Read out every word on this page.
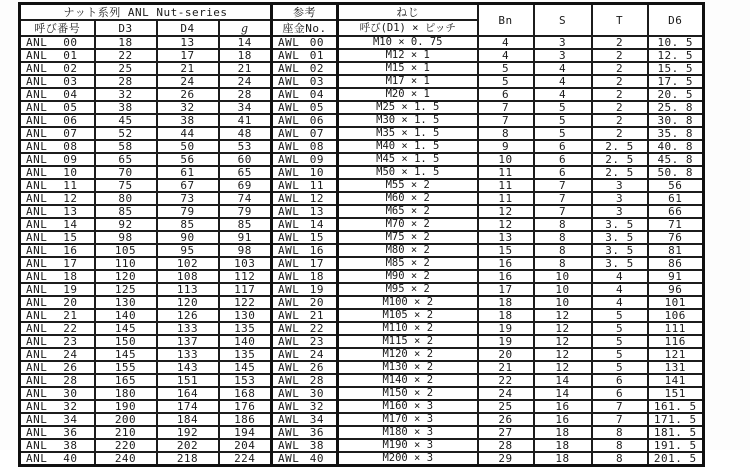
ナット系列 ANL Nut-series				参考	ねじ	Bn	S	T	D6
呼び番号	D3	D4	g	座金No.	呼び(D1) × ピッチ				

ANL 00	18	13	14	AWL 00	M10 × 0. 75	4	3	2	10. 5

ANL 01	22	17	18	AWL 01	M12 × 1	4	3	2	12. 5

ANL 02	25	21	21	AWL 02	M15 × 1	5	4	2	15. 5

ANL 03	28	24	24	AWL 03	M17 × 1	5	4	2	17. 5

ANL 04	32	26	28	AWL 04	M20 × 1	6	4	2	20. 5

ANL 05	38	32	34	AWL 05	M25 × 1. 5	7	5	2	25. 8

ANL 06	45	38	41	AWL 06	M30 × 1. 5	7	5	2	30. 8

ANL 07	52	44	48	AWL 07	M35 × 1. 5	8	5	2	35. 8

ANL 08	58	50	53	AWL 08	M40 × 1. 5	9	6	2. 5	40. 8

ANL 09	65	56	60	AWL 09	M45 × 1. 5	10	6	2. 5	45. 8

ANL 10	70	61	65	AWL 10	M50 × 1. 5	11	6	2. 5	50. 8

ANL 11	75	67	69	AWL 11	M55 × 2	11	7	3	56

ANL 12	80	73	74	AWL 12	M60 × 2	11	7	3	61

ANL 13	85	79	79	AWL 13	M65 × 2	12	7	3	66

ANL 14	92	85	85	AWL 14	M70 × 2	12	8	3. 5	71

ANL 15	98	90	91	AWL 15	M75 × 2	13	8	3. 5	76

ANL 16	105	95	98	AWL 16	M80 × 2	15	8	3. 5	81

ANL 17	110	102	103	AWL 17	M85 × 2	16	8	3. 5	86

ANL 18	120	108	112	AWL 18	M90 × 2	16	10	4	91

ANL 19	125	113	117	AWL 19	M95 × 2	17	10	4	96

ANL 20	130	120	122	AWL 20	M100 × 2	18	10	4	101

ANL 21	140	126	130	AWL 21	M105 × 2	18	12	5	106

ANL 22	145	133	135	AWL 22	M110 × 2	19	12	5	111

ANL 23	150	137	140	AWL 23	M115 × 2	19	12	5	116

ANL 24	145	133	135	AWL 24	M120 × 2	20	12	5	121

ANL 26	155	143	145	AWL 26	M130 × 2	21	12	5	131

ANL 28	165	151	153	AWL 28	M140 × 2	22	14	6	141

ANL 30	180	164	168	AWL 30	M150 × 2	24	14	6	151

ANL 32	190	174	176	AWL 32	M160 × 3	25	16	7	161. 5

ANL 34	200	184	186	AWL 34	M170 × 3	26	16	7	171. 5

ANL 36	210	192	194	AWL 36	M180 × 3	27	18	8	181. 5

ANL 38	220	202	204	AWL 38	M190 × 3	28	18	8	191. 5

ANL 40	240	218	224	AWL 40	M200 × 3	29	18	8	201. 5
